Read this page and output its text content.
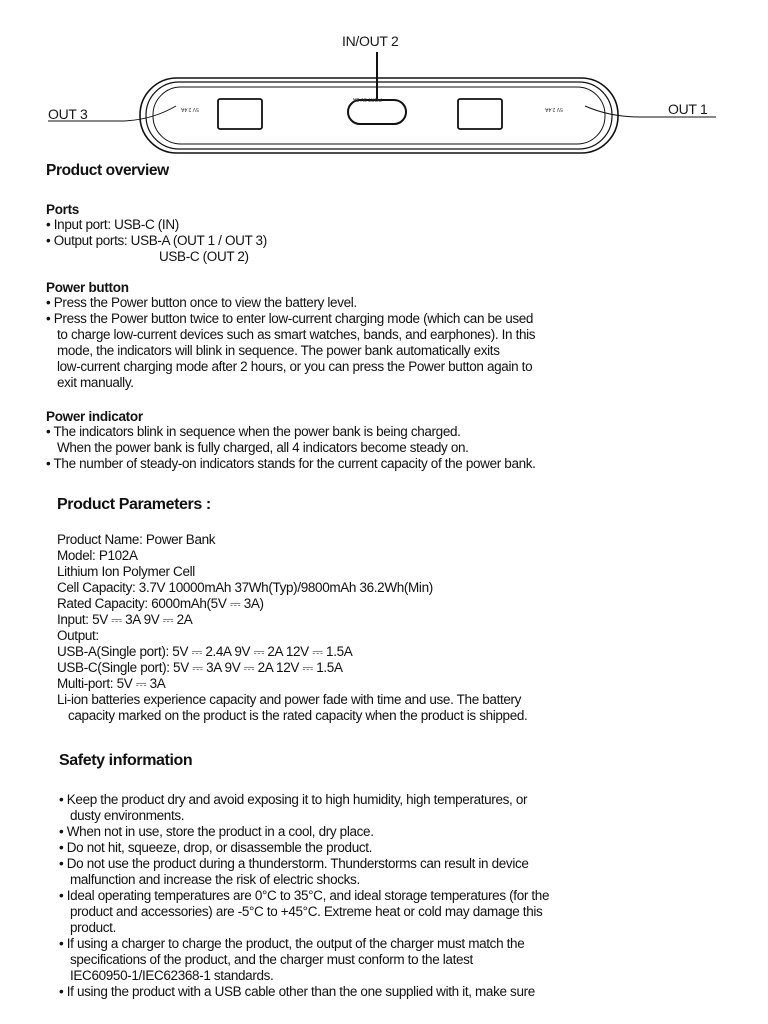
IN/OUT 2
OUT 3	OUT 1
5V 2.4A
PORT 5V 3A
5V 2.4A
Product overview
Ports
• Input port: USB-C (IN)
• Output ports: USB-A (OUT 1 / OUT 3)
USB-C (OUT 2)
Power button
• Press the Power button once to view the battery level.
• Press the Power button twice to enter low-current charging mode (which can be used
to charge low-current devices such as smart watches, bands, and earphones). In this
mode, the indicators will blink in sequence. The power bank automatically exits
low-current charging mode after 2 hours, or you can press the Power button again to
exit manually.
Power indicator
• The indicators blink in sequence when the power bank is being charged.
When the power bank is fully charged, all 4 indicators become steady on.
• The number of steady-on indicators stands for the current capacity of the power bank.
Product Parameters :
Product Name: Power Bank
Model: P102A
Lithium Ion Polymer Cell
Cell Capacity: 3.7V 10000mAh 37Wh(Typ)/9800mAh 36.2Wh(Min)
Rated Capacity: 6000mAh(5V ⎓ 3A)
Input: 5V ⎓ 3A 9V ⎓ 2A
Output:
USB-A(Single port): 5V ⎓ 2.4A 9V ⎓ 2A 12V ⎓ 1.5A
USB-C(Single port): 5V ⎓ 3A 9V ⎓ 2A 12V ⎓ 1.5A
Multi-port: 5V ⎓ 3A
Li-ion batteries experience capacity and power fade with time and use. The battery
capacity marked on the product is the rated capacity when the product is shipped.
Safety information
• Keep the product dry and avoid exposing it to high humidity, high temperatures, or
dusty environments.
• When not in use, store the product in a cool, dry place.
• Do not hit, squeeze, drop, or disassemble the product.
• Do not use the product during a thunderstorm. Thunderstorms can result in device
malfunction and increase the risk of electric shocks.
• Ideal operating temperatures are 0°C to 35°C, and ideal storage temperatures (for the
product and accessories) are -5°C to +45°C. Extreme heat or cold may damage this
product.
• If using a charger to charge the product, the output of the charger must match the
specifications of the product, and the charger must conform to the latest
IEC60950-1/IEC62368-1 standards.
• If using the product with a USB cable other than the one supplied with it, make sure
